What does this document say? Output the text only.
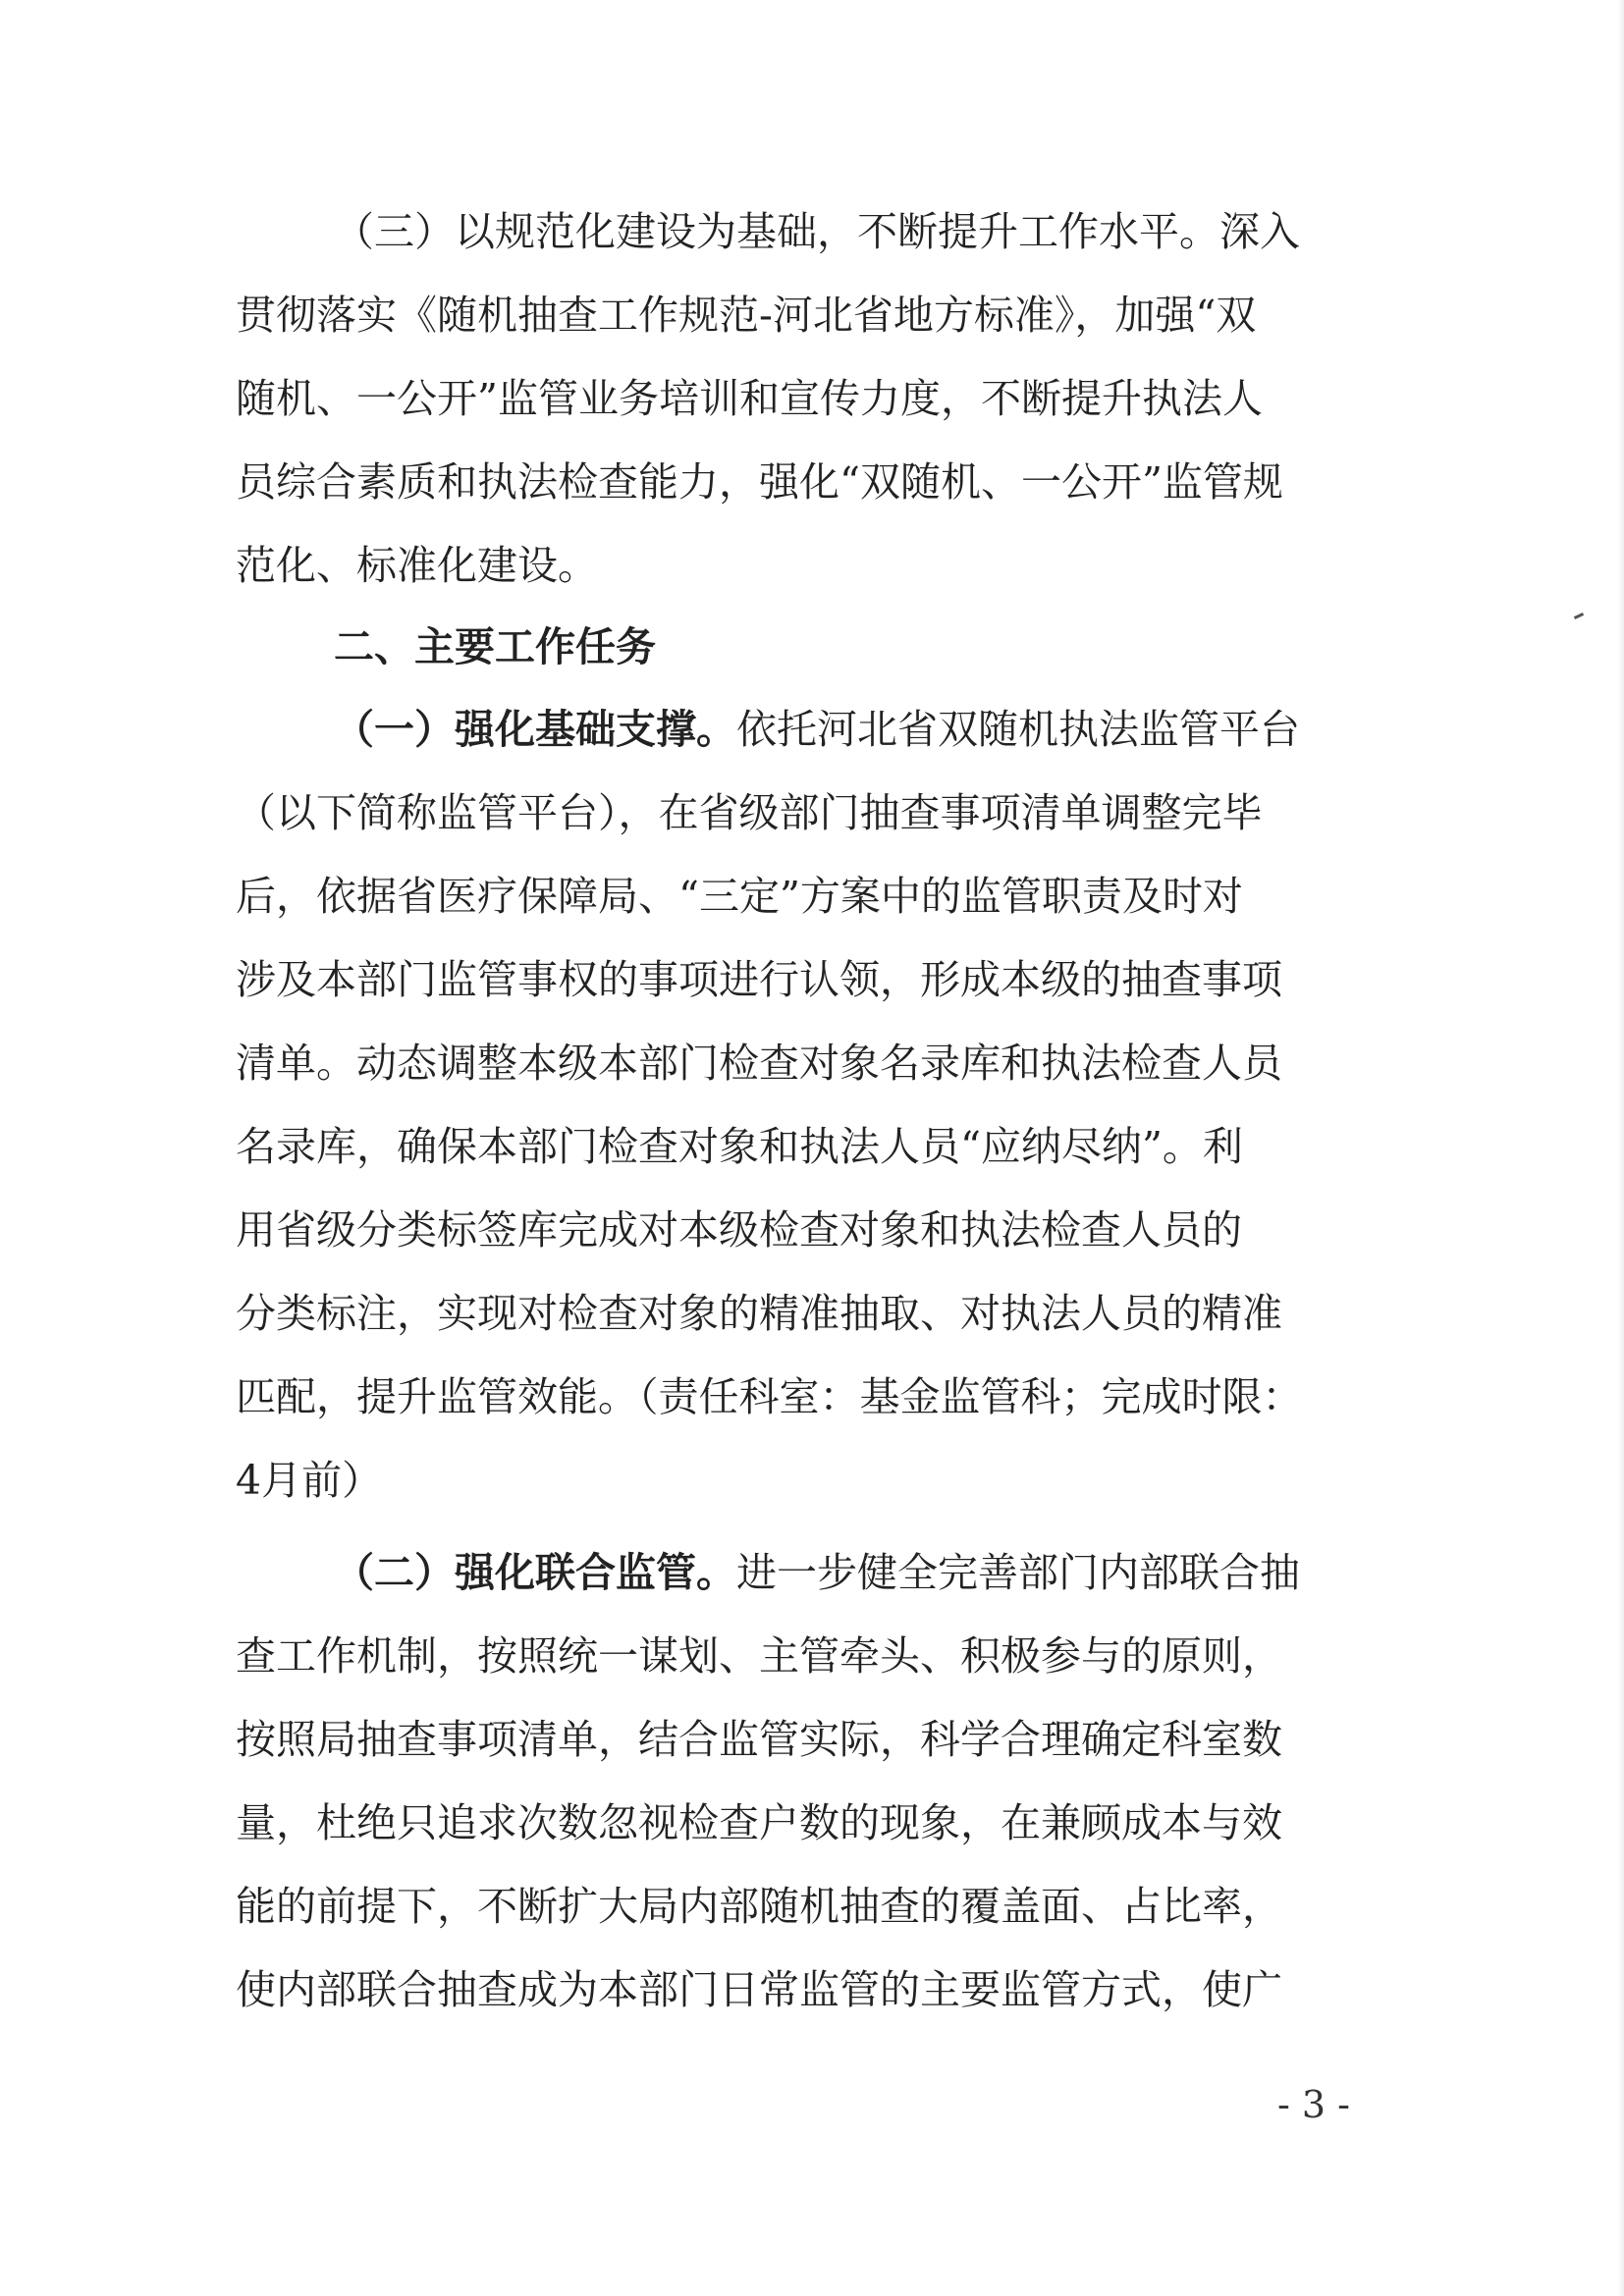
（三）以规范化建设为基础，不断提升工作水平。深入
贯彻落实《随机抽查工作规范-河北省地方标准》，加强“双
随机、一公开”监管业务培训和宣传力度，不断提升执法人
员综合素质和执法检查能力，强化“双随机、一公开”监管规
范化、标准化建设。
二、主要工作任务
（一）强化基础支撑。依托河北省双随机执法监管平台
（以下简称监管平台），在省级部门抽查事项清单调整完毕
后，依据省医疗保障局、“三定”方案中的监管职责及时对
涉及本部门监管事权的事项进行认领，形成本级的抽查事项
清单。动态调整本级本部门检查对象名录库和执法检查人员
名录库，确保本部门检查对象和执法人员“应纳尽纳”。利
用省级分类标签库完成对本级检查对象和执法检查人员的
分类标注，实现对检查对象的精准抽取、对执法人员的精准
匹配，提升监管效能。（责任科室：基金监管科；完成时限：
4月前）
（二）强化联合监管。进一步健全完善部门内部联合抽
查工作机制，按照统一谋划、主管牵头、积极参与的原则，
按照局抽查事项清单，结合监管实际，科学合理确定科室数
量，杜绝只追求次数忽视检查户数的现象，在兼顾成本与效
能的前提下，不断扩大局内部随机抽查的覆盖面、占比率，
使内部联合抽查成为本部门日常监管的主要监管方式，使广
- 3 -
